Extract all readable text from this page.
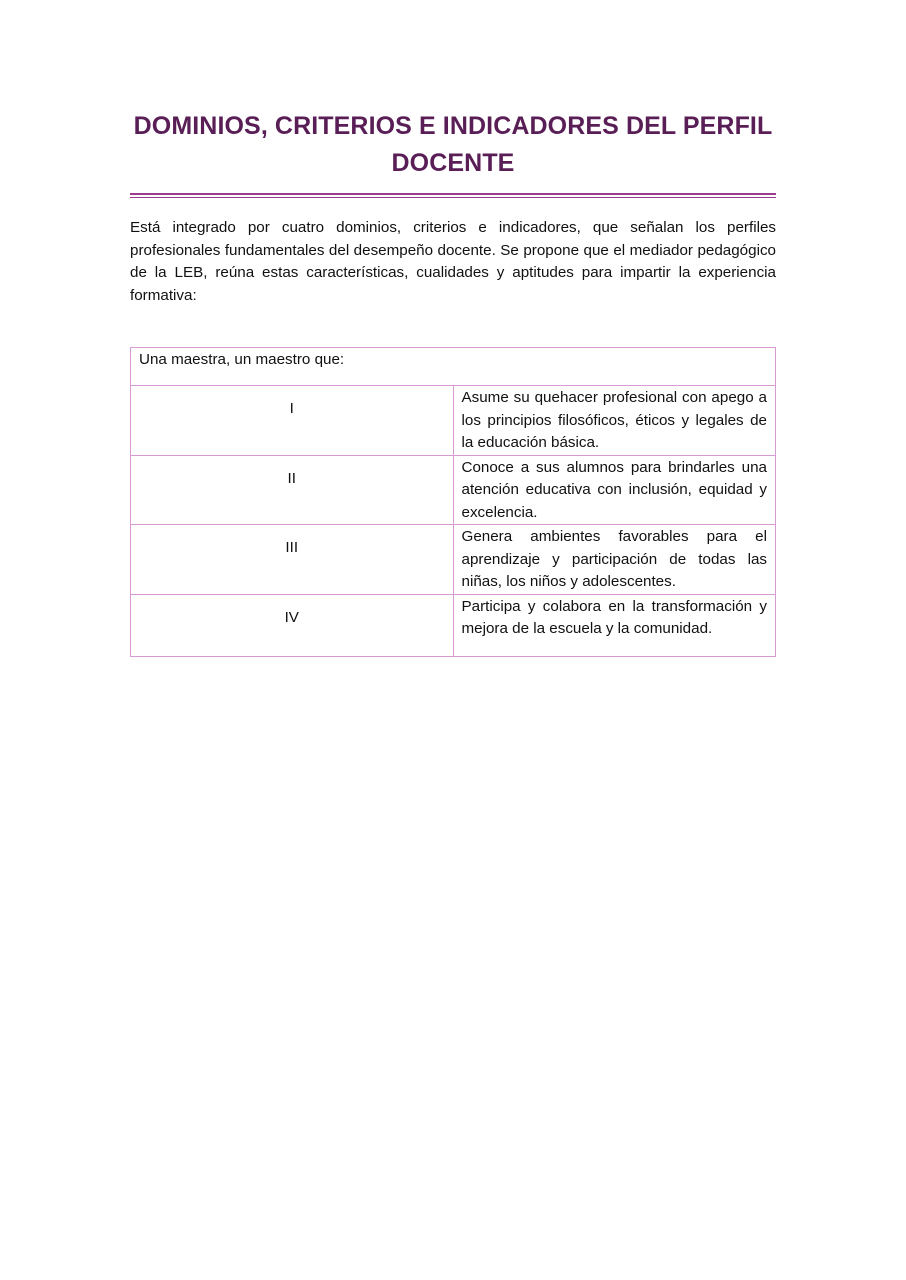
DOMINIOS, CRITERIOS E INDICADORES DEL PERFIL DOCENTE

Está integrado por cuatro dominios, criterios e indicadores, que señalan los perfiles profesionales fundamentales del desempeño docente. Se propone que el mediador pedagógico de la LEB, reúna estas características, cualidades y aptitudes para impartir la experiencia formativa:

Una maestra, un maestro que:	
I	Asume su quehacer profesional con apego a los principios filosóficos, éticos y legales de la educación básica.
II	Conoce a sus alumnos para brindarles una atención educativa con inclusión, equidad y excelencia.
III	Genera ambientes favorables para el aprendizaje y participación de todas las niñas, los niños y adolescentes.
IV	Participa y colabora en la transformación y mejora de la escuela y la comunidad.
